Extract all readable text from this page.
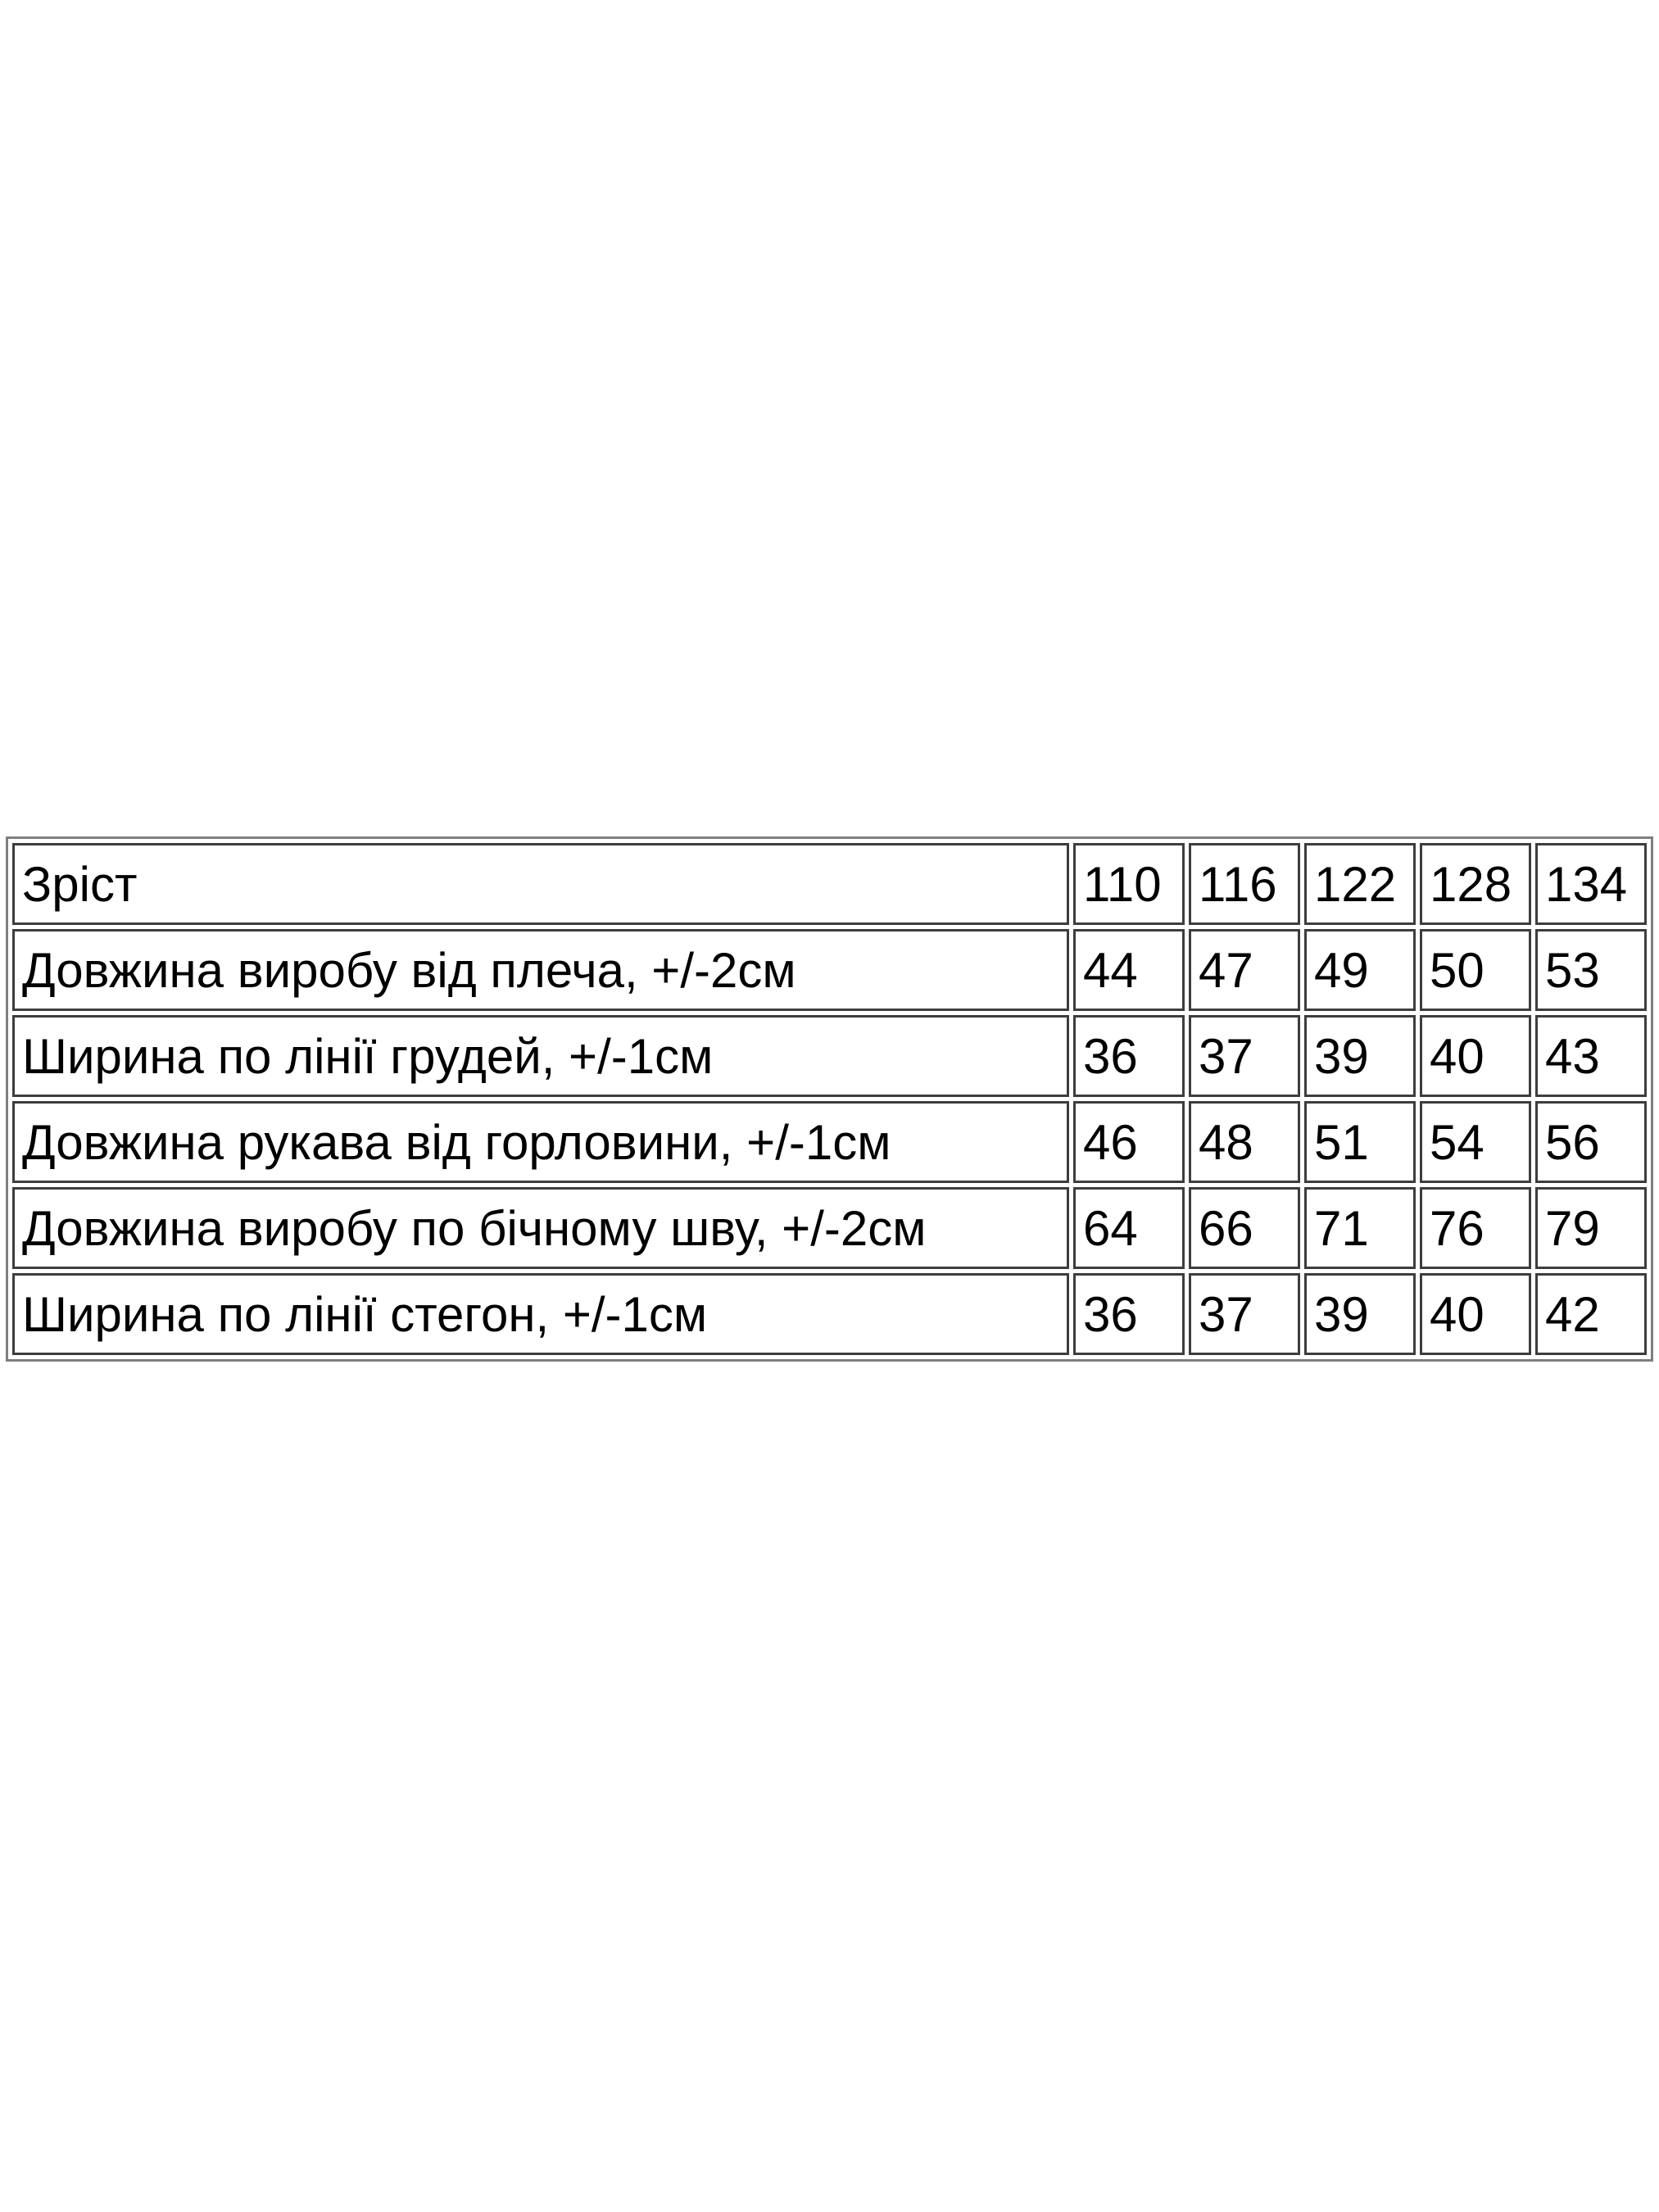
Зріст	110	116	122	128	134
Довжина виробу від плеча, +/-2см	44	47	49	50	53
Ширина по лінії грудей, +/-1см	36	37	39	40	43
Довжина рукава від горловини, +/-1см	46	48	51	54	56
Довжина виробу по бічному шву, +/-2см	64	66	71	76	79
Ширина по лінії стегон, +/-1см	36	37	39	40	42
